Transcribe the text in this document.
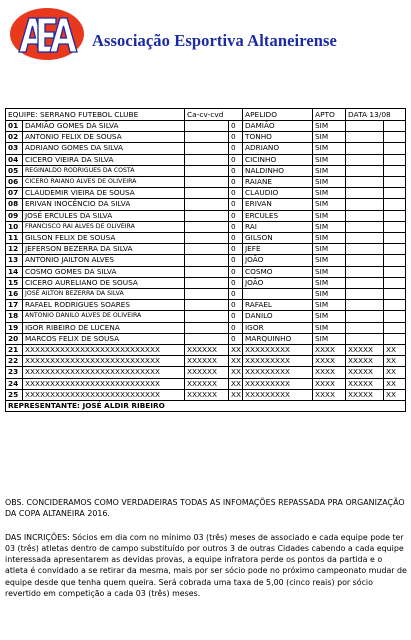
Associação Esportiva Altaneirense
EQUIPE: SERRANO FUTEBOL CLUBE		Ca-cv-cvd		APELIDO	APTO	DATA 13/08	
01	DAMIÃO GOMES DA SILVA		0	DAMIÃO	SIM		
02	ANTONIO FELIX DE SOUSA		0	TONHO	SIM		
03	ADRIANO GOMES DA SILVA		0	ADRIANO	SIM		
04	CICERO VIEIRA DA SILVA		0	CICINHO	SIM		
05	REGINALDO RODRIGUES DA COSTA		0	NALDINHO	SIM		
06	CICERO RAIANO ALVES DE OLIVEIRA		0	RAIANE	SIM		
07	CLAUDEMIR VIEIRA DE SOUSA		0	CLAUDIO	SIM		
08	ERIVAN INOCÊNCIO DA SILVA		0	ERIVAN	SIM		
09	JOSÉ ERCULES DA SILVA		0	ERCULES	SIM		
10	FRANCISCO RAI ALVES DE OLIVEIRA		0	RAI	SIM		
11	GILSON FELIX DE SOUSA		0	GILSON	SIM		
12	JEFERSON BEZERRA DA SILVA		0	JEFE	SIM		
13	ANTONIO JAILTON ALVES		0	JOÃO	SIM		
14	COSMO GOMES DA SILVA		0	COSMO	SIM		
15	CICERO AURELIANO DE SOUSA		0	JOÃO	SIM		
16	JOSÉ AILTON BEZERRA DA SILVA		0		SIM		
17	RAFAEL RODRIGUES SOARES		0	RAFAEL	SIM		
18	ANTONIO DANILO ALVES DE OLIVEIRA		0	DANILO	SIM		
19	IGOR RIBEIRO DE LUCENA		0	IGOR	SIM		
20	MARCOS FELIX DE SOUSA		0	MARQUINHO	SIM		
21	XXXXXXXXXXXXXXXXXXXXXXXXXXX	XXXXXX	XX	XXXXXXXXX	XXXX	XXXXX	XX
22	XXXXXXXXXXXXXXXXXXXXXXXXXXX	XXXXXX	XX	XXXXXXXXX	XXXX	XXXXX	XX
23	XXXXXXXXXXXXXXXXXXXXXXXXXXX	XXXXXX	XX	XXXXXXXXX	XXXX	XXXXX	XX
24	XXXXXXXXXXXXXXXXXXXXXXXXXXX	XXXXXX	XX	XXXXXXXXX	XXXX	XXXXX	XX
25	XXXXXXXXXXXXXXXXXXXXXXXXXXX	XXXXXX	XX	XXXXXXXXX	XXXX	XXXXX	XX
REPRESENTANTE: JOSÉ ALDIR RIBEIRO							

OBS. CONCIDERAMOS COMO VERDADEIRAS TODAS AS INFOMAÇÕES REPASSADA PRA ORGANIZAÇÃO DA COPA ALTANEIRA 2016.

DAS INCRIÇÕES: Sócios em dia com no mínimo 03 (três) meses de associado e cada equipe pode ter 03 (três) atletas dentro de campo substituído por outros 3 de outras Cidades cabendo a cada equipe interessada apresentarem as devidas provas, a equipe infratora perde os pontos da partida e o atleta é convidado a se retirar da mesma, mais por ser sócio pode no próximo campeonato mudar de equipe desde que tenha quem queira. Será cobrada uma taxa de 5,00 (cinco reais) por sócio revertido em competição a cada 03 (três) meses.
